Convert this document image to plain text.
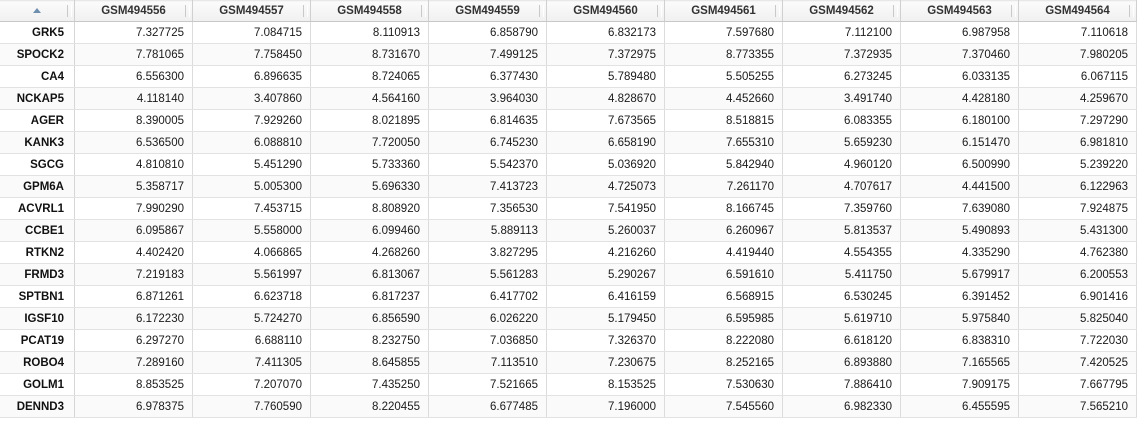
	GSM494556	GSM494557	GSM494558	GSM494559	GSM494560	GSM494561	GSM494562	GSM494563	GSM494564

GRK5	7.327725	7.084715	8.110913	6.858790	6.832173	7.597680	7.112100	6.987958	7.110618
SPOCK2	7.781065	7.758450	8.731670	7.499125	7.372975	8.773355	7.372935	7.370460	7.980205
CA4	6.556300	6.896635	8.724065	6.377430	5.789480	5.505255	6.273245	6.033135	6.067115
NCKAP5	4.118140	3.407860	4.564160	3.964030	4.828670	4.452660	3.491740	4.428180	4.259670
AGER	8.390005	7.929260	8.021895	6.814635	7.673565	8.518815	6.083355	6.180100	7.297290
KANK3	6.536500	6.088810	7.720050	6.745230	6.658190	7.655310	5.659230	6.151470	6.981810
SGCG	4.810810	5.451290	5.733360	5.542370	5.036920	5.842940	4.960120	6.500990	5.239220
GPM6A	5.358717	5.005300	5.696330	7.413723	4.725073	7.261170	4.707617	4.441500	6.122963
ACVRL1	7.990290	7.453715	8.808920	7.356530	7.541950	8.166745	7.359760	7.639080	7.924875
CCBE1	6.095867	5.558000	6.099460	5.889113	5.260037	6.260967	5.813537	5.490893	5.431300
RTKN2	4.402420	4.066865	4.268260	3.827295	4.216260	4.419440	4.554355	4.335290	4.762380
FRMD3	7.219183	5.561997	6.813067	5.561283	5.290267	6.591610	5.411750	5.679917	6.200553
SPTBN1	6.871261	6.623718	6.817237	6.417702	6.416159	6.568915	6.530245	6.391452	6.901416
IGSF10	6.172230	5.724270	6.856590	6.026220	5.179450	6.595985	5.619710	5.975840	5.825040
PCAT19	6.297270	6.688110	8.232750	7.036850	7.326370	8.222080	6.618120	6.838310	7.722030
ROBO4	7.289160	7.411305	8.645855	7.113510	7.230675	8.252165	6.893880	7.165565	7.420525
GOLM1	8.853525	7.207070	7.435250	7.521665	8.153525	7.530630	7.886410	7.909175	7.667795
DENND3	6.978375	7.760590	8.220455	6.677485	7.196000	7.545560	6.982330	6.455595	7.565210
